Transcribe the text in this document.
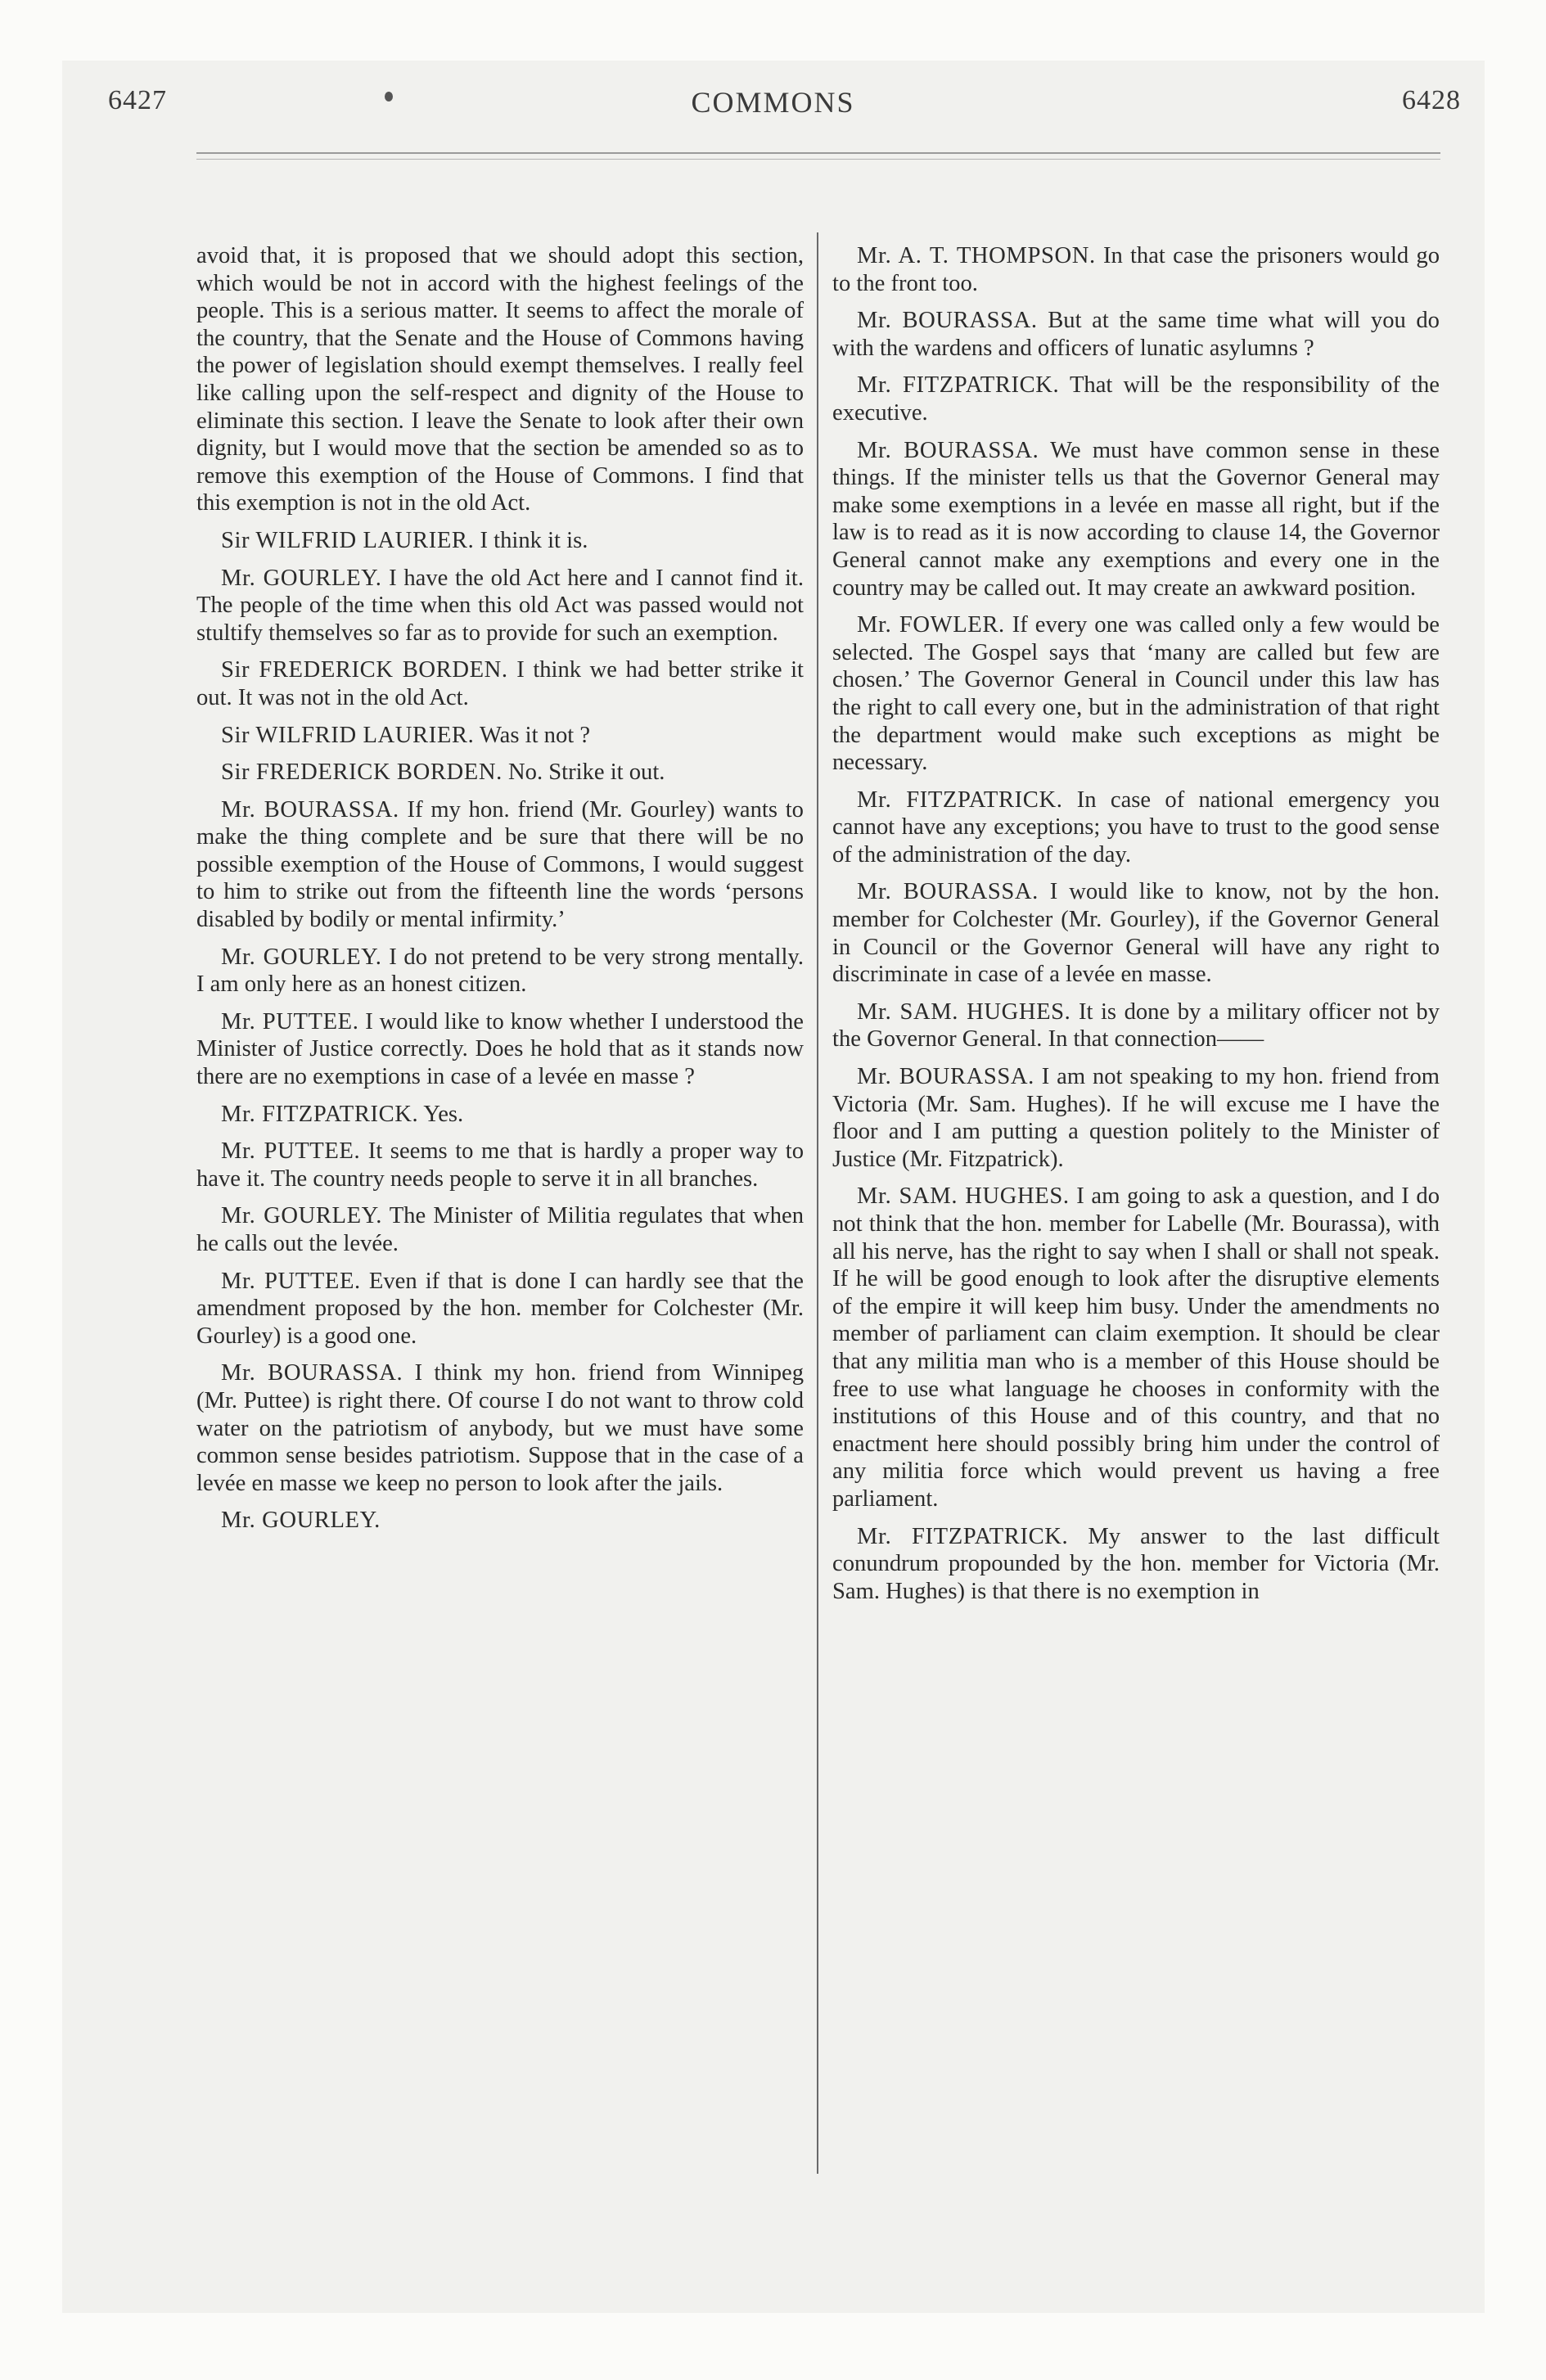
6427	COMMONS	6428

avoid that, it is proposed that we should adopt this section, which would be not in accord with the highest feelings of the people. This is a serious matter. It seems to affect the morale of the country, that the Senate and the House of Commons having the power of legislation should exempt themselves. I really feel like calling upon the self-respect and dignity of the House to eliminate this section. I leave the Senate to look after their own dignity, but I would move that the section be amended so as to remove this exemption of the House of Commons. I find that this exemption is not in the old Act.

Sir WILFRID LAURIER. I think it is.

Mr. GOURLEY. I have the old Act here and I cannot find it. The people of the time when this old Act was passed would not stultify themselves so far as to provide for such an exemption.

Sir FREDERICK BORDEN. I think we had better strike it out. It was not in the old Act.

Sir WILFRID LAURIER. Was it not ?

Sir FREDERICK BORDEN. No. Strike it out.

Mr. BOURASSA. If my hon. friend (Mr. Gourley) wants to make the thing complete and be sure that there will be no possible exemption of the House of Commons, I would suggest to him to strike out from the fifteenth line the words ‘persons disabled by bodily or mental infirmity.’

Mr. GOURLEY. I do not pretend to be very strong mentally. I am only here as an honest citizen.

Mr. PUTTEE. I would like to know whether I understood the Minister of Justice correctly. Does he hold that as it stands now there are no exemptions in case of a levée en masse ?

Mr. FITZPATRICK. Yes.

Mr. PUTTEE. It seems to me that is hardly a proper way to have it. The country needs people to serve it in all branches.

Mr. GOURLEY. The Minister of Militia regulates that when he calls out the levée.

Mr. PUTTEE. Even if that is done I can hardly see that the amendment proposed by the hon. member for Colchester (Mr. Gourley) is a good one.

Mr. BOURASSA. I think my hon. friend from Winnipeg (Mr. Puttee) is right there. Of course I do not want to throw cold water on the patriotism of anybody, but we must have some common sense besides patriotism. Suppose that in the case of a levée en masse we keep no person to look after the jails.

Mr. GOURLEY.

Mr. A. T. THOMPSON. In that case the prisoners would go to the front too.

Mr. BOURASSA. But at the same time what will you do with the wardens and officers of lunatic asylumns ?

Mr. FITZPATRICK. That will be the responsibility of the executive.

Mr. BOURASSA. We must have common sense in these things. If the minister tells us that the Governor General may make some exemptions in a levée en masse all right, but if the law is to read as it is now according to clause 14, the Governor General cannot make any exemptions and every one in the country may be called out. It may create an awkward position.

Mr. FOWLER. If every one was called only a few would be selected. The Gospel says that ‘many are called but few are chosen.’ The Governor General in Council under this law has the right to call every one, but in the administration of that right the department would make such exceptions as might be necessary.

Mr. FITZPATRICK. In case of national emergency you cannot have any exceptions; you have to trust to the good sense of the administration of the day.

Mr. BOURASSA. I would like to know, not by the hon. member for Colchester (Mr. Gourley), if the Governor General in Council or the Governor General will have any right to discriminate in case of a levée en masse.

Mr. SAM. HUGHES. It is done by a military officer not by the Governor General. In that connection——

Mr. BOURASSA. I am not speaking to my hon. friend from Victoria (Mr. Sam. Hughes). If he will excuse me I have the floor and I am putting a question politely to the Minister of Justice (Mr. Fitzpatrick).

Mr. SAM. HUGHES. I am going to ask a question, and I do not think that the hon. member for Labelle (Mr. Bourassa), with all his nerve, has the right to say when I shall or shall not speak. If he will be good enough to look after the disruptive elements of the empire it will keep him busy. Under the amendments no member of parliament can claim exemption. It should be clear that any militia man who is a member of this House should be free to use what language he chooses in conformity with the institutions of this House and of this country, and that no enactment here should possibly bring him under the control of any militia force which would prevent us having a free parliament.

Mr. FITZPATRICK. My answer to the last difficult conundrum propounded by the hon. member for Victoria (Mr. Sam. Hughes) is that there is no exemption in
